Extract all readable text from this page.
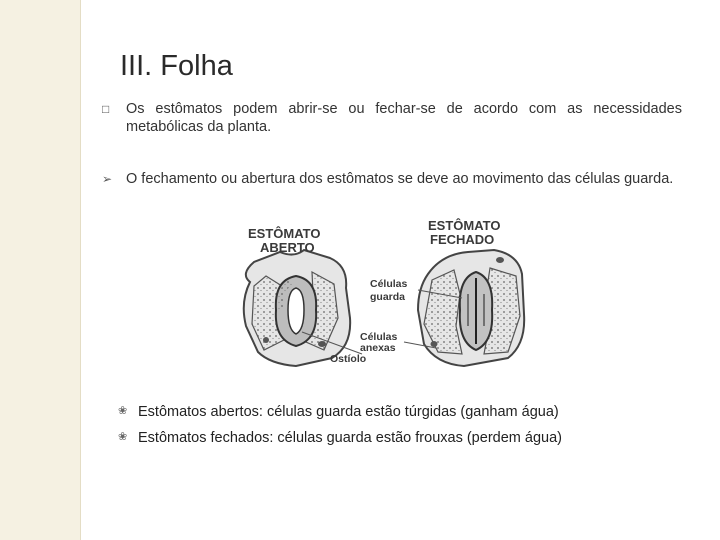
III. Folha
□ Os estômatos podem abrir-se ou fechar-se de acordo com as necessidades metabólicas da planta.
➢ O fechamento ou abertura dos estômatos se deve ao movimento das células guarda.
ESTÔMATO
ABERTO
ESTÔMATO
FECHADO
Células
guarda
Células
anexas
Ostíolo
❀ Estômatos abertos: células guarda estão túrgidas (ganham água)
❀ Estômatos fechados: células guarda estão frouxas (perdem água)
